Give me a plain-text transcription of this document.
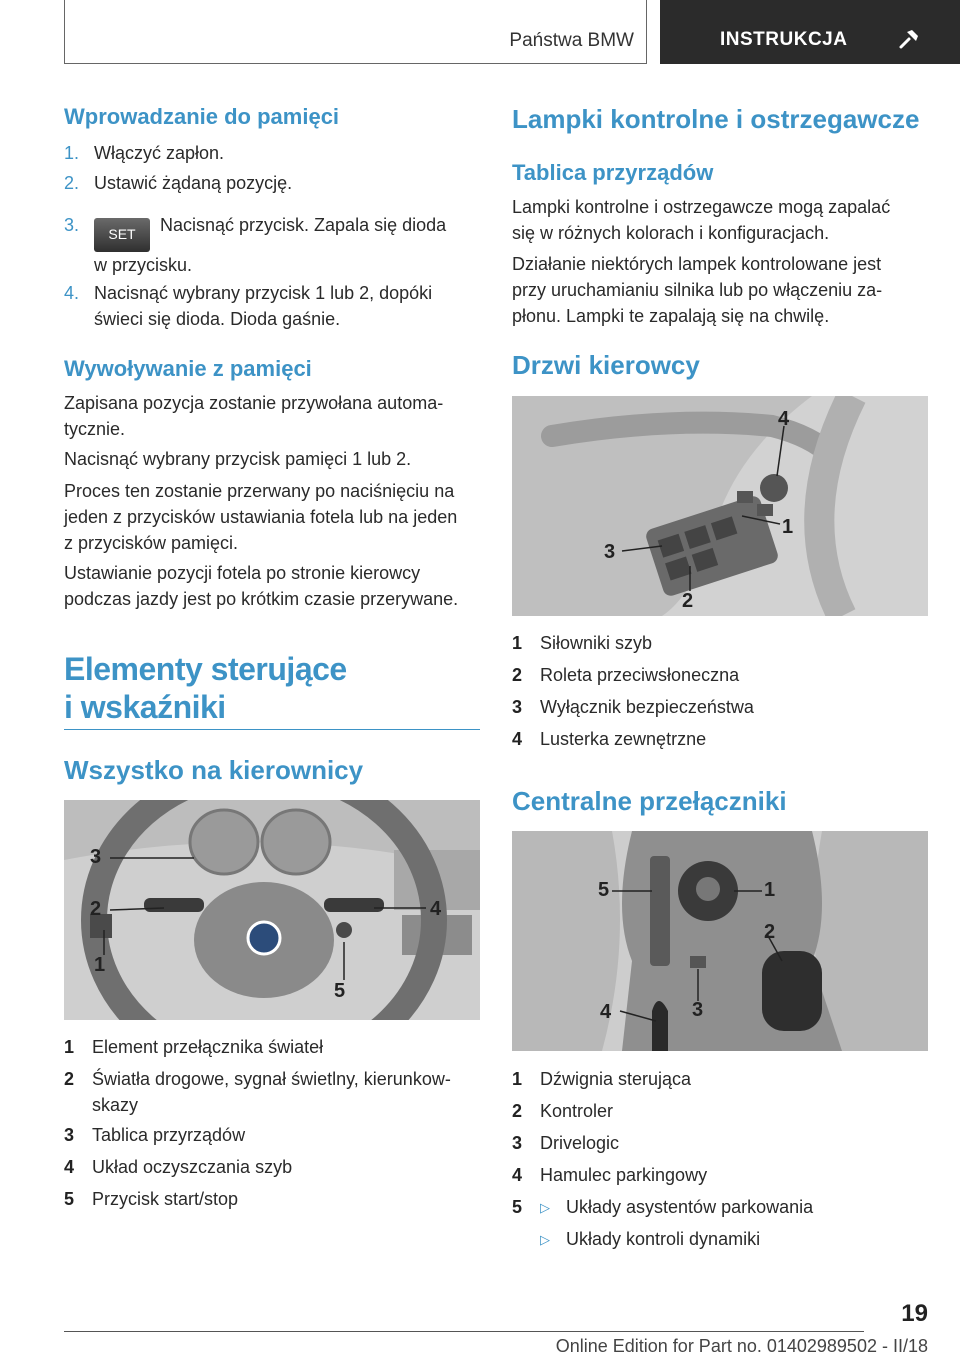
Państwa BMW	INSTRUKCJA
Wprowadzanie do pamięci
1. Włączyć zapłon.
2. Ustawić żądaną pozycję.
3. SET Nacisnąć przycisk. Zapala się dioda
w przycisku.
4. Nacisnąć wybrany przycisk 1 lub 2, dopóki
świeci się dioda. Dioda gaśnie.
Wywoływanie z pamięci
Zapisana pozycja zostanie przywołana automa-
tycznie.
Nacisnąć wybrany przycisk pamięci 1 lub 2.
Proces ten zostanie przerwany po naciśnięciu na
jeden z przycisków ustawiania fotela lub na jeden
z przycisków pamięci.
Ustawianie pozycji fotela po stronie kierowcy
podczas jazdy jest po krótkim czasie przerywane.
Elementy sterujące
i wskaźniki
Wszystko na kierownicy
3
2
1
4
5
1 Element przełącznika świateł
2 Światła drogowe, sygnał świetlny, kierunkow-
skazy
3 Tablica przyrządów
4 Układ oczyszczania szyb
5 Przycisk start/stop
Lampki kontrolne i ostrzegawcze
Tablica przyrządów
Lampki kontrolne i ostrzegawcze mogą zapalać
się w różnych kolorach i konfiguracjach.
Działanie niektórych lampek kontrolowane jest
przy uruchamianiu silnika lub po włączeniu za-
płonu. Lampki te zapalają się na chwilę.
Drzwi kierowcy
4
1
3
2
1 Siłowniki szyb
2 Roleta przeciwsłoneczna
3 Wyłącznik bezpieczeństwa
4 Lusterka zewnętrzne
Centralne przełączniki
5	1
2
3
4
1 Dźwignia sterująca
2 Kontroler
3 Drivelogic
4 Hamulec parkingowy
5 ▷ Układy asystentów parkowania
▷ Układy kontroli dynamiki
19
Online Edition for Part no. 01402989502 - II/18
